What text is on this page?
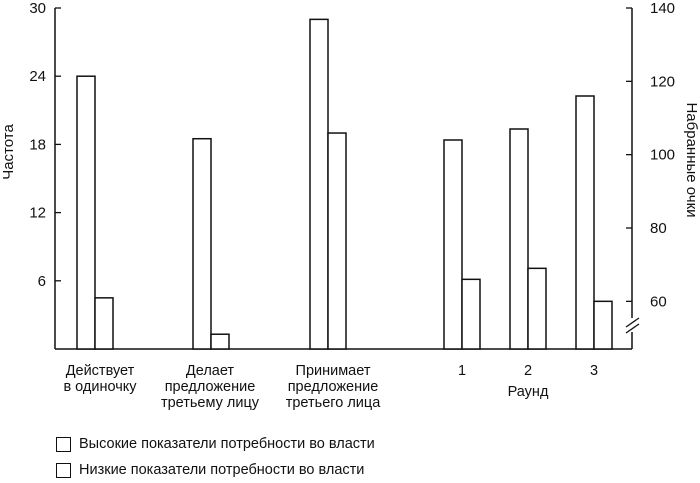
30
24
18
12
6
140
120
100
80
60
Частота	Набранные очки
Действует
в одиночку
Делает
предложение
третьему лицу
Принимает
предложение
третьего лица
1	2	3
Раунд
Высокие показатели потребности во власти
Низкие показатели потребности во власти
